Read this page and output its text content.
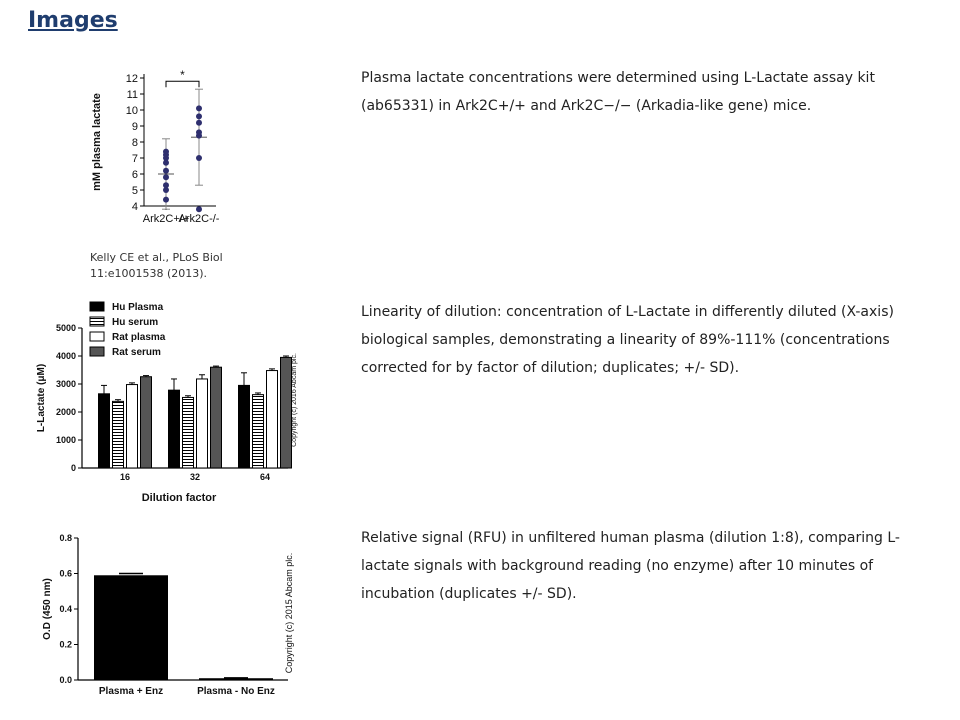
Images
4
5
6
7
8
9
10
11
12
mM plasma lactate
Ark2C+/+
Ark2C-/-
*
Kelly CE et al., PLoS Biol
11:e1001538 (2013).
Plasma lactate concentrations were determined using L-Lactate assay kit (ab65331) in Ark2C+/+ and Ark2C−/− (Arkadia-like gene) mice.
0
1000
2000
3000
4000
5000
L-Lactate (μM)
Dilution factor
Copyright (c) 2016 Abcam plc.
16	32	64
Hu Plasma
Hu serum
Rat plasma
Rat serum
Linearity of dilution: concentration of L-Lactate in differently diluted (X-axis) biological samples, demonstrating a linearity of 89%-111% (concentrations corrected for by factor of dilution; duplicates; +/- SD).
0.0
0.2
0.4
0.6
0.8
O.D (450 nm)	Copyright (c) 2015 Abcam plc.
Plasma + Enz	Plasma - No Enz
Relative signal (RFU) in unfiltered human plasma (dilution 1:8), comparing L-lactate signals with background reading (no enzyme) after 10 minutes of incubation (duplicates +/- SD).
